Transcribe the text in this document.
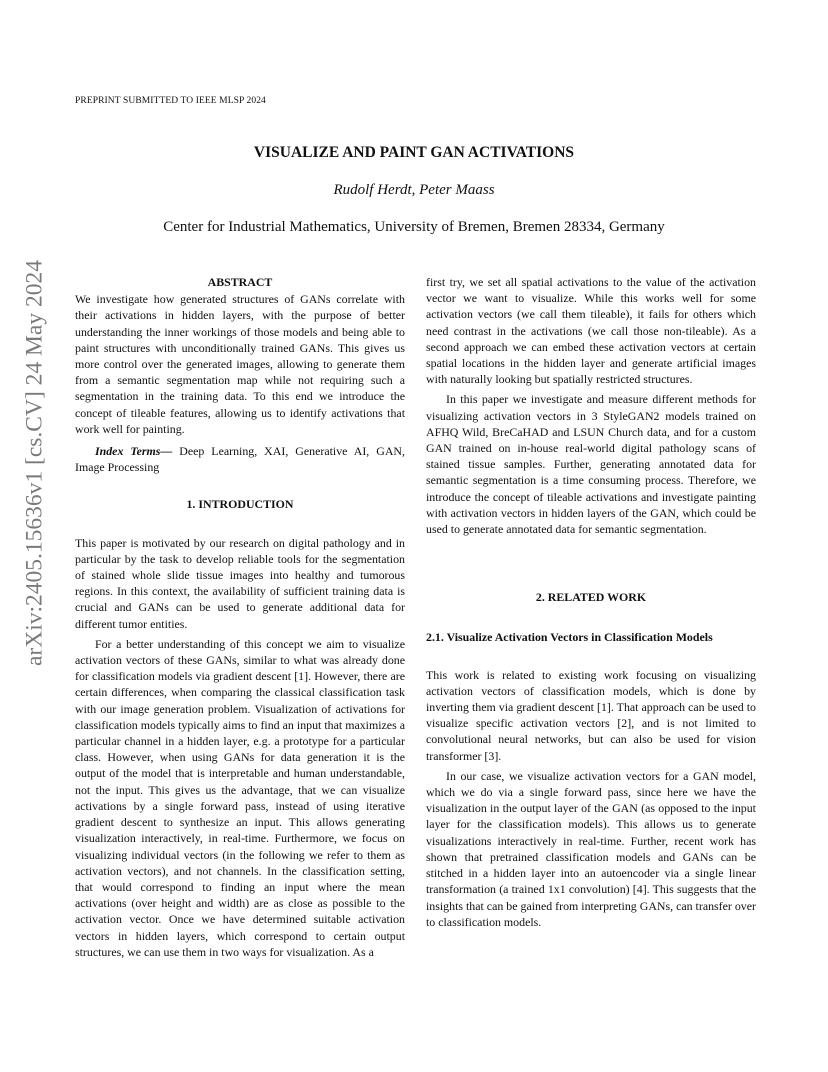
PREPRINT SUBMITTED TO IEEE MLSP 2024
VISUALIZE AND PAINT GAN ACTIVATIONS
Rudolf Herdt, Peter Maass
Center for Industrial Mathematics, University of Bremen, Bremen 28334, Germany
arXiv:2405.15636v1 [cs.CV] 24 May 2024	ABSTRACT

We investigate how generated structures of GANs correlate with their activations in hidden layers, with the purpose of better understanding the inner workings of those models and being able to paint structures with unconditionally trained GANs. This gives us more control over the generated images, allowing to generate them from a semantic segmentation map while not requiring such a segmentation in the training data. To this end we introduce the concept of tileable features, allowing us to identify activations that work well for painting.

Index Terms— Deep Learning, XAI, Generative AI, GAN, Image Processing

1. INTRODUCTION

This paper is motivated by our research on digital pathology and in particular by the task to develop reliable tools for the segmentation of stained whole slide tissue images into healthy and tumorous regions. In this context, the availability of sufficient training data is crucial and GANs can be used to generate additional data for different tumor entities.

For a better understanding of this concept we aim to visualize activation vectors of these GANs, similar to what was already done for classification models via gradient descent [1]. However, there are certain differences, when comparing the classical classification task with our image generation problem. Visualization of activations for classification models typically aims to find an input that maximizes a particular channel in a hidden layer, e.g. a prototype for a particular class. However, when using GANs for data generation it is the output of the model that is interpretable and human understandable, not the input. This gives us the advantage, that we can visualize activations by a single forward pass, instead of using iterative gradient descent to synthesize an input. This allows generating visualization interactively, in real-time. Furthermore, we focus on visualizing individual vectors (in the following we refer to them as activation vectors), and not channels. In the classification setting, that would correspond to finding an input where the mean activations (over height and width) are as close as possible to the activation vector. Once we have determined suitable activation vectors in hidden layers, which correspond to certain output structures, we can use them in two ways for visualization. As a

first try, we set all spatial activations to the value of the activation vector we want to visualize. While this works well for some activation vectors (we call them tileable), it fails for others which need contrast in the activations (we call those non-tileable). As a second approach we can embed these activation vectors at certain spatial locations in the hidden layer and generate artificial images with naturally looking but spatially restricted structures.

In this paper we investigate and measure different methods for visualizing activation vectors in 3 StyleGAN2 models trained on AFHQ Wild, BreCaHAD and LSUN Church data, and for a custom GAN trained on in-house real-world digital pathology scans of stained tissue samples. Further, generating annotated data for semantic segmentation is a time consuming process. Therefore, we introduce the concept of tileable activations and investigate painting with activation vectors in hidden layers of the GAN, which could be used to generate annotated data for semantic segmentation.

2. RELATED WORK
2.1. Visualize Activation Vectors in Classification Models

This work is related to existing work focusing on visualizing activation vectors of classification models, which is done by inverting them via gradient descent [1]. That approach can be used to visualize specific activation vectors [2], and is not limited to convolutional neural networks, but can also be used for vision transformer [3].

In our case, we visualize activation vectors for a GAN model, which we do via a single forward pass, since here we have the visualization in the output layer of the GAN (as opposed to the input layer for the classification models). This allows us to generate visualizations interactively in real-time. Further, recent work has shown that pretrained classification models and GANs can be stitched in a hidden layer into an autoencoder via a single linear transformation (a trained 1x1 convolution) [4]. This suggests that the insights that can be gained from interpreting GANs, can transfer over to classification models.
